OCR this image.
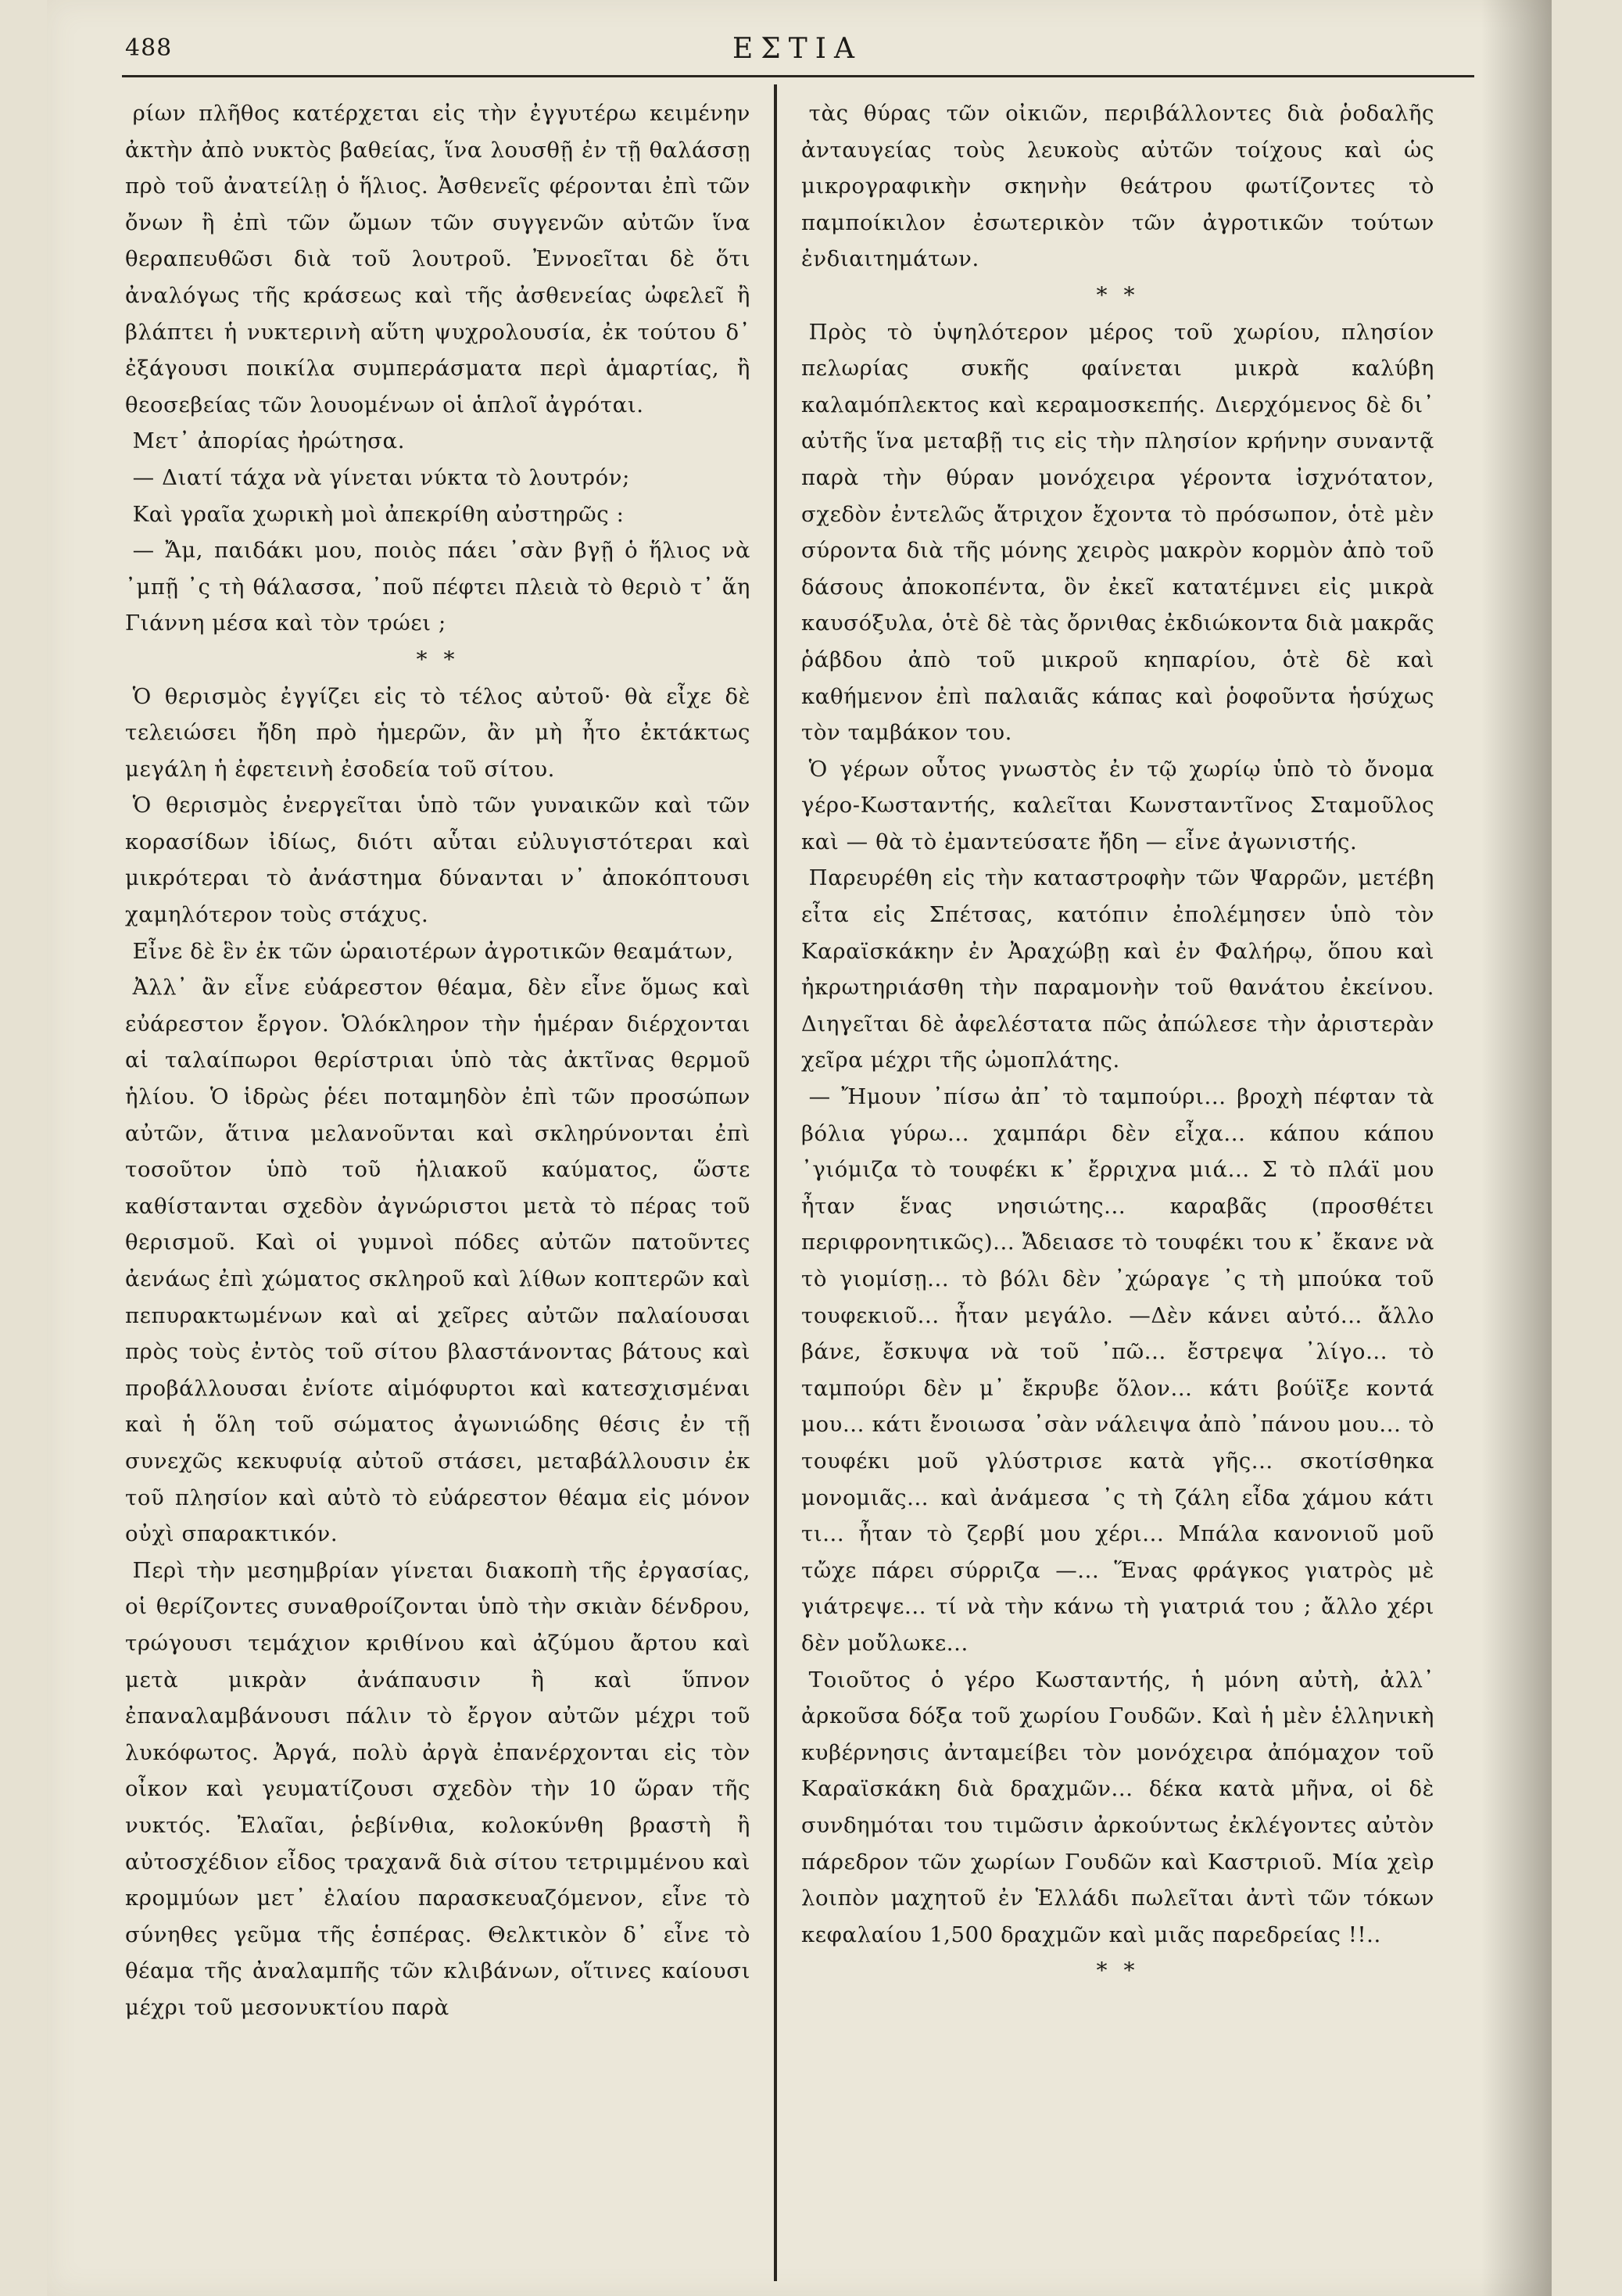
488	ΕΣΤΙΑ

ρίων πλῆθος κατέρχεται εἰς τὴν ἐγγυτέρω κειμένην ἀκτὴν ἀπὸ νυκτὸς βαθείας, ἵνα λουσθῇ ἐν τῇ θαλάσσῃ πρὸ τοῦ ἀνατείλῃ ὁ ἥλιος. Ἀσθενεῖς φέρονται ἐπὶ τῶν ὄνων ἢ ἐπὶ τῶν ὤμων τῶν συγγενῶν αὐτῶν ἵνα θεραπευθῶσι διὰ τοῦ λουτροῦ. Ἐννοεῖται δὲ ὅτι ἀναλόγως τῆς κράσεως καὶ τῆς ἀσθενείας ὠφελεῖ ἢ βλάπτει ἡ νυκτερινὴ αὕτη ψυχρολουσία, ἐκ τούτου δ᾽ ἐξάγουσι ποικίλα συμπεράσματα περὶ ἁμαρτίας, ἢ θεοσεβείας τῶν λουομένων οἱ ἁπλοῖ ἀγρόται.

Μετ᾽ ἀπορίας ἠρώτησα.

— Διατί τάχα νὰ γίνεται νύκτα τὸ λουτρόν;

Καὶ γραῖα χωρικὴ μοὶ ἀπεκρίθη αὐστηρῶς :

— Ἄμ, παιδάκι μου, ποιὸς πάει ᾽σὰν βγῇ ὁ ἥλιος νὰ ᾽μπῇ ᾽ς τὴ θάλασσα, ᾽ποῦ πέφτει πλειὰ τὸ θεριὸ τ᾽ ἅη Γιάννη μέσα καὶ τὸν τρώει ;

* *

Ὁ θερισμὸς ἐγγίζει εἰς τὸ τέλος αὐτοῦ· θὰ εἶχε δὲ τελειώσει ἤδη πρὸ ἡμερῶν, ἂν μὴ ἦτο ἐκτάκτως μεγάλη ἡ ἐφετεινὴ ἐσοδεία τοῦ σίτου.

Ὁ θερισμὸς ἐνεργεῖται ὑπὸ τῶν γυναικῶν καὶ τῶν κορασίδων ἰδίως, διότι αὗται εὐλυγιστότεραι καὶ μικρότεραι τὸ ἀνάστημα δύνανται ν᾽ ἀποκόπτουσι χαμηλότερον τοὺς στάχυς.

Εἶνε δὲ ἓν ἐκ τῶν ὡραιοτέρων ἀγροτικῶν θεαμάτων,

Ἀλλ᾽ ἂν εἶνε εὐάρεστον θέαμα, δὲν εἶνε ὅμως καὶ εὐάρεστον ἔργον. Ὁλόκληρον τὴν ἡμέραν διέρχονται αἱ ταλαίπωροι θερίστριαι ὑπὸ τὰς ἀκτῖνας θερμοῦ ἡλίου. Ὁ ἱδρὼς ῥέει ποταμηδὸν ἐπὶ τῶν προσώπων αὐτῶν, ἅτινα μελανοῦνται καὶ σκληρύνονται ἐπὶ τοσοῦτον ὑπὸ τοῦ ἡλιακοῦ καύματος, ὥστε καθίστανται σχεδὸν ἀγνώριστοι μετὰ τὸ πέρας τοῦ θερισμοῦ. Καὶ οἱ γυμνοὶ πόδες αὐτῶν πατοῦντες ἀενάως ἐπὶ χώματος σκληροῦ καὶ λίθων κοπτερῶν καὶ πεπυρακτωμένων καὶ αἱ χεῖρες αὐτῶν παλαίουσαι πρὸς τοὺς ἐντὸς τοῦ σίτου βλαστάνοντας βάτους καὶ προβάλλουσαι ἐνίοτε αἱμόφυρτοι καὶ κατεσχισμέναι καὶ ἡ ὅλη τοῦ σώματος ἀγωνιώδης θέσις ἐν τῇ συνεχῶς κεκυφυίᾳ αὐτοῦ στάσει, μεταβάλλουσιν ἐκ τοῦ πλησίον καὶ αὐτὸ τὸ εὐάρεστον θέαμα εἰς μόνον οὐχὶ σπαρακτικόν.

Περὶ τὴν μεσημβρίαν γίνεται διακοπὴ τῆς ἐργασίας, οἱ θερίζοντες συναθροίζονται ὑπὸ τὴν σκιὰν δένδρου, τρώγουσι τεμάχιον κριθίνου καὶ ἀζύμου ἄρτου καὶ μετὰ μικρὰν ἀνάπαυσιν ἢ καὶ ὕπνον ἐπαναλαμβάνουσι πάλιν τὸ ἔργον αὐτῶν μέχρι τοῦ λυκόφωτος. Ἀργά, πολὺ ἀργὰ ἐπανέρχονται εἰς τὸν οἶκον καὶ γευματίζουσι σχεδὸν τὴν 10 ὥραν τῆς νυκτός. Ἐλαῖαι, ῥεβίνθια, κολοκύνθη βραστὴ ἢ αὐτοσχέδιον εἶδος τραχανᾶ διὰ σίτου τετριμμένου καὶ κρομμύων μετ᾽ ἐλαίου παρασκευαζόμενον, εἶνε τὸ σύνηθες γεῦμα τῆς ἑσπέρας. Θελκτικὸν δ᾽ εἶνε τὸ θέαμα τῆς ἀναλαμπῆς τῶν κλιβάνων, οἵτινες καίουσι μέχρι τοῦ μεσονυκτίου παρὰ

τὰς θύρας τῶν οἰκιῶν, περιβάλλοντες διὰ ῥοδαλῆς ἀνταυγείας τοὺς λευκοὺς αὐτῶν τοίχους καὶ ὡς μικρογραφικὴν σκηνὴν θεάτρου φωτίζοντες τὸ παμποίκιλον ἐσωτερικὸν τῶν ἀγροτικῶν τούτων ἐνδιαιτημάτων.

* *

Πρὸς τὸ ὑψηλότερον μέρος τοῦ χωρίου, πλησίον πελωρίας συκῆς φαίνεται μικρὰ καλύβη καλαμόπλεκτος καὶ κεραμοσκεπής. Διερχόμενος δὲ δι᾽ αὐτῆς ἵνα μεταβῇ τις εἰς τὴν πλησίον κρήνην συναντᾷ παρὰ τὴν θύραν μονόχειρα γέροντα ἰσχνότατον, σχεδὸν ἐντελῶς ἄτριχον ἔχοντα τὸ πρόσωπον, ὁτὲ μὲν σύροντα διὰ τῆς μόνης χειρὸς μακρὸν κορμὸν ἀπὸ τοῦ δάσους ἀποκοπέντα, ὃν ἐκεῖ κατατέμνει εἰς μικρὰ καυσόξυλα, ὁτὲ δὲ τὰς ὄρνιθας ἐκδιώκοντα διὰ μακρᾶς ῥάβδου ἀπὸ τοῦ μικροῦ κηπαρίου, ὁτὲ δὲ καὶ καθήμενον ἐπὶ παλαιᾶς κάπας καὶ ῥοφοῦντα ἡσύχως τὸν ταμβάκον του.

Ὁ γέρων οὗτος γνωστὸς ἐν τῷ χωρίῳ ὑπὸ τὸ ὄνομα γέρο-Κωσταντής, καλεῖται Κωνσταντῖνος Σταμοῦλος καὶ — θὰ τὸ ἐμαντεύσατε ἤδη — εἶνε ἀγωνιστής.

Παρευρέθη εἰς τὴν καταστροφὴν τῶν Ψαρρῶν, μετέβη εἶτα εἰς Σπέτσας, κατόπιν ἐπολέμησεν ὑπὸ τὸν Καραϊσκάκην ἐν Ἀραχώβῃ καὶ ἐν Φαλήρῳ, ὅπου καὶ ἠκρωτηριάσθη τὴν παραμονὴν τοῦ θανάτου ἐκείνου. Διηγεῖται δὲ ἀφελέστατα πῶς ἀπώλεσε τὴν ἀριστερὰν χεῖρα μέχρι τῆς ὠμοπλάτης.

— Ἤμουν ᾽πίσω ἀπ᾽ τὸ ταμπούρι... βροχὴ πέφταν τὰ βόλια γύρω... χαμπάρι δὲν εἶχα... κάπου κάπου ᾽γιόμιζα τὸ τουφέκι κ᾽ ἔρριχνα μιά... Σ τὸ πλάϊ μου ἦταν ἕνας νησιώτης... καραβᾶς (προσθέτει περιφρονητικῶς)... Ἄδειασε τὸ τουφέκι του κ᾽ ἔκανε νὰ τὸ γιομίσῃ... τὸ βόλι δὲν ᾽χώραγε ᾽ς τὴ μπούκα τοῦ τουφεκιοῦ... ἦταν μεγάλο. —Δὲν κάνει αὐτό... ἄλλο βάνε, ἔσκυψα νὰ τοῦ ᾽πῶ... ἔστρεψα ᾽λίγο... τὸ ταμπούρι δὲν μ᾽ ἔκρυβε ὅλον... κάτι βούϊξε κοντά μου... κάτι ἔνοιωσα ᾽σὰν νάλειψα ἀπὸ ᾽πάνου μου... τὸ τουφέκι μοῦ γλύστρισε κατὰ γῆς... σκοτίσθηκα μονομιᾶς... καὶ ἀνάμεσα ᾽ς τὴ ζάλη εἶδα χάμου κάτι τι... ἦταν τὸ ζερβί μου χέρι... Μπάλα κανονιοῦ μοῦ τὤχε πάρει σύρριζα —... Ἕνας φράγκος γιατρὸς μὲ γιάτρεψε... τί νὰ τὴν κάνω τὴ γιατριά του ; ἄλλο χέρι δὲν μοὔλωκε...

Τοιοῦτος ὁ γέρο Κωσταντής, ἡ μόνη αὐτὴ, ἀλλ᾽ ἀρκοῦσα δόξα τοῦ χωρίου Γουδῶν. Καὶ ἡ μὲν ἑλληνικὴ κυβέρνησις ἀνταμείβει τὸν μονόχειρα ἀπόμαχον τοῦ Καραϊσκάκη διὰ δραχμῶν... δέκα κατὰ μῆνα, οἱ δὲ συνδημόται του τιμῶσιν ἀρκούντως ἐκλέγοντες αὐτὸν πάρεδρον τῶν χωρίων Γουδῶν καὶ Καστριοῦ. Μία χεὶρ λοιπὸν μαχητοῦ ἐν Ἑλλάδι πωλεῖται ἀντὶ τῶν τόκων κεφαλαίου 1,500 δραχμῶν καὶ μιᾶς παρεδρείας !!..

* *
